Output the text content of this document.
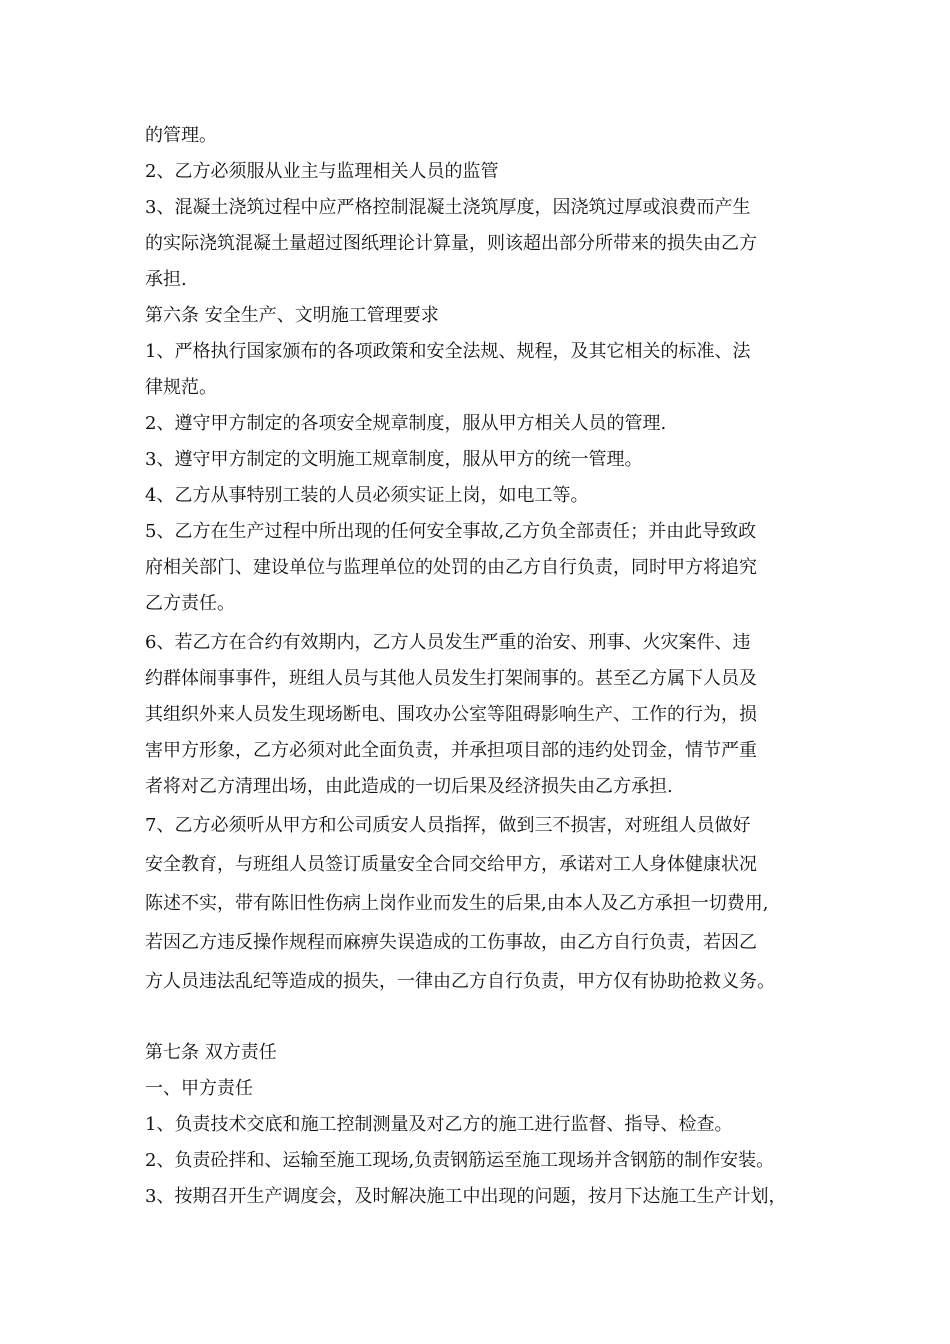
的管理。
2、乙方必须服从业主与监理相关人员的监管
3、混凝土浇筑过程中应严格控制混凝土浇筑厚度，因浇筑过厚或浪费而产生
的实际浇筑混凝土量超过图纸理论计算量，则该超出部分所带来的损失由乙方
承担.
第六条 安全生产、文明施工管理要求
1、严格执行国家颁布的各项政策和安全法规、规程，及其它相关的标准、法
律规范。
2、遵守甲方制定的各项安全规章制度，服从甲方相关人员的管理.
3、遵守甲方制定的文明施工规章制度，服从甲方的统一管理。
4、乙方从事特别工装的人员必须实证上岗，如电工等。
5、乙方在生产过程中所出现的任何安全事故,乙方负全部责任；并由此导致政
府相关部门、建设单位与监理单位的处罚的由乙方自行负责，同时甲方将追究
乙方责任。
6、若乙方在合约有效期内，乙方人员发生严重的治安、刑事、火灾案件、违
约群体闹事事件，班组人员与其他人员发生打架闹事的。甚至乙方属下人员及
其组织外来人员发生现场断电、围攻办公室等阻碍影响生产、工作的行为，损
害甲方形象，乙方必须对此全面负责，并承担项目部的违约处罚金，情节严重
者将对乙方清理出场，由此造成的一切后果及经济损失由乙方承担.
7、乙方必须听从甲方和公司质安人员指挥，做到三不损害，对班组人员做好
安全教育，与班组人员签订质量安全合同交给甲方，承诺对工人身体健康状况
陈述不实，带有陈旧性伤病上岗作业而发生的后果,由本人及乙方承担一切费用,
若因乙方违反操作规程而麻痹失误造成的工伤事故，由乙方自行负责，若因乙
方人员违法乱纪等造成的损失，一律由乙方自行负责，甲方仅有协助抢救义务。
第七条 双方责任
一、甲方责任
1、负责技术交底和施工控制测量及对乙方的施工进行监督、指导、检查。
2、负责砼拌和、运输至施工现场,负责钢筋运至施工现场并含钢筋的制作安装。
3、按期召开生产调度会，及时解决施工中出现的问题，按月下达施工生产计划，
